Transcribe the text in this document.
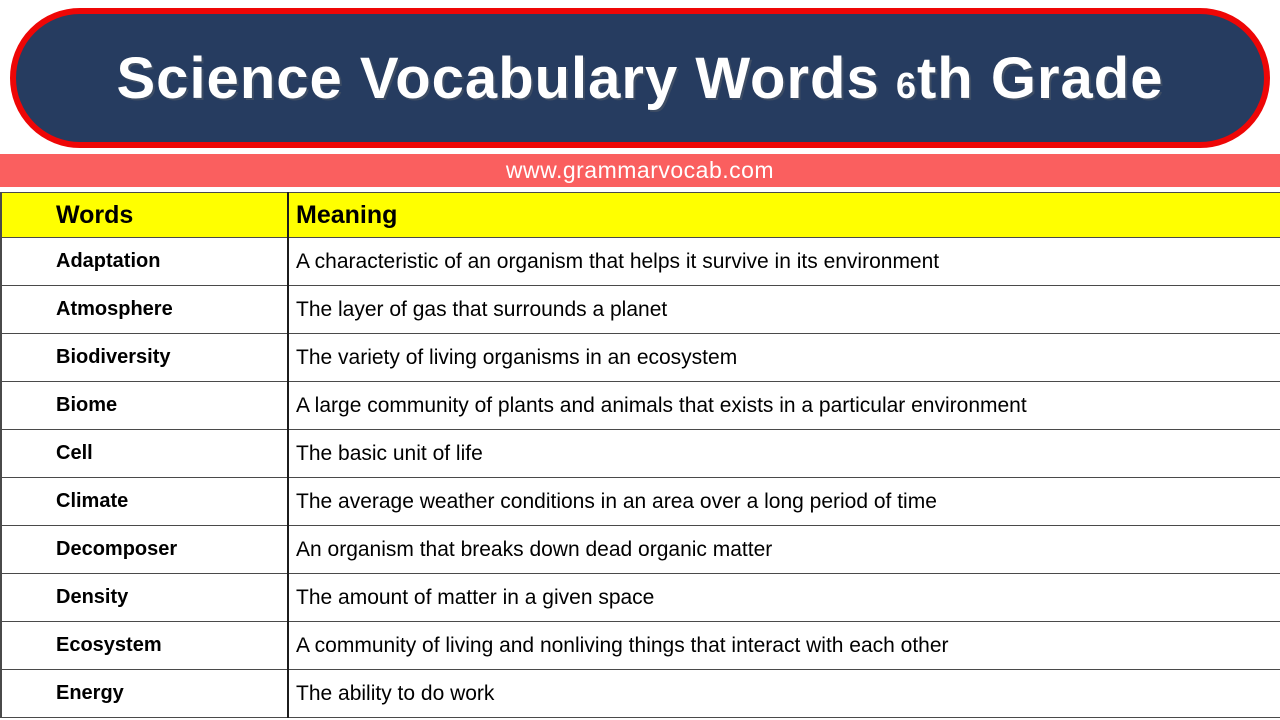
Science Vocabulary Words 6th Grade
www.grammarvocab.com
Words	Meaning
Adaptation	A characteristic of an organism that helps it survive in its environment
Atmosphere	The layer of gas that surrounds a planet
Biodiversity	The variety of living organisms in an ecosystem
Biome	A large community of plants and animals that exists in a particular environment
Cell	The basic unit of life
Climate	The average weather conditions in an area over a long period of time
Decomposer	An organism that breaks down dead organic matter
Density	The amount of matter in a given space
Ecosystem	A community of living and nonliving things that interact with each other
Energy	The ability to do work
